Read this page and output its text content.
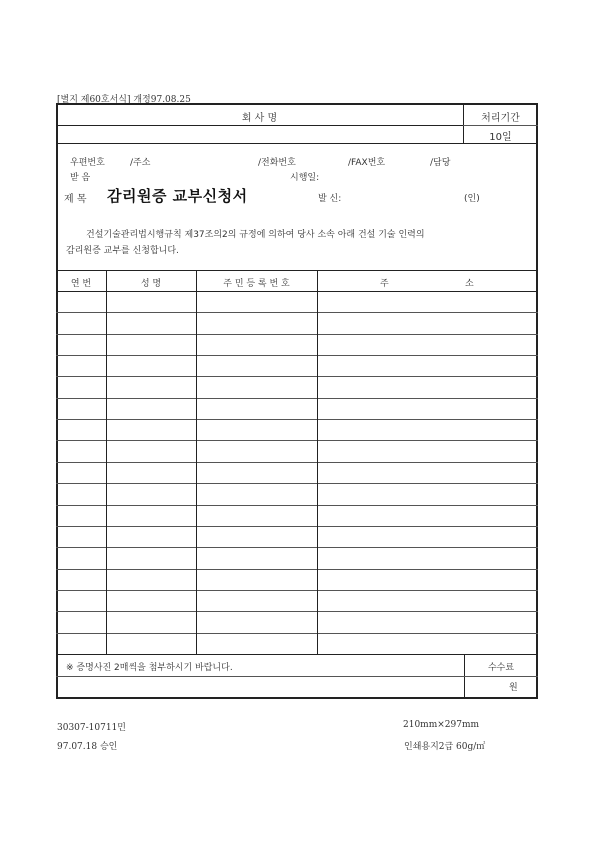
[별지 제60호서식] 개정97.08.25
회 사 명	처리기간
10일
우편번호	/주소	/전화번호	/FAX번호	/담당
받 음	시행일:
제 목 감리원증 교부신청서	발 신:	(인)
건설기술관리법시행규칙 제37조의2의 규정에 의하여 당사 소속 아래 건설 기술 인력의
감리원증 교부를 신청합니다.
연 번	성 명	주 민 등 록 번 호	주	소
※ 증명사진 2매씩을 첨부하시기 바랍니다.	수수료
원
30307-10711민
97.07.18 승인
210mm×297mm
인쇄용지2급 60g/㎡
